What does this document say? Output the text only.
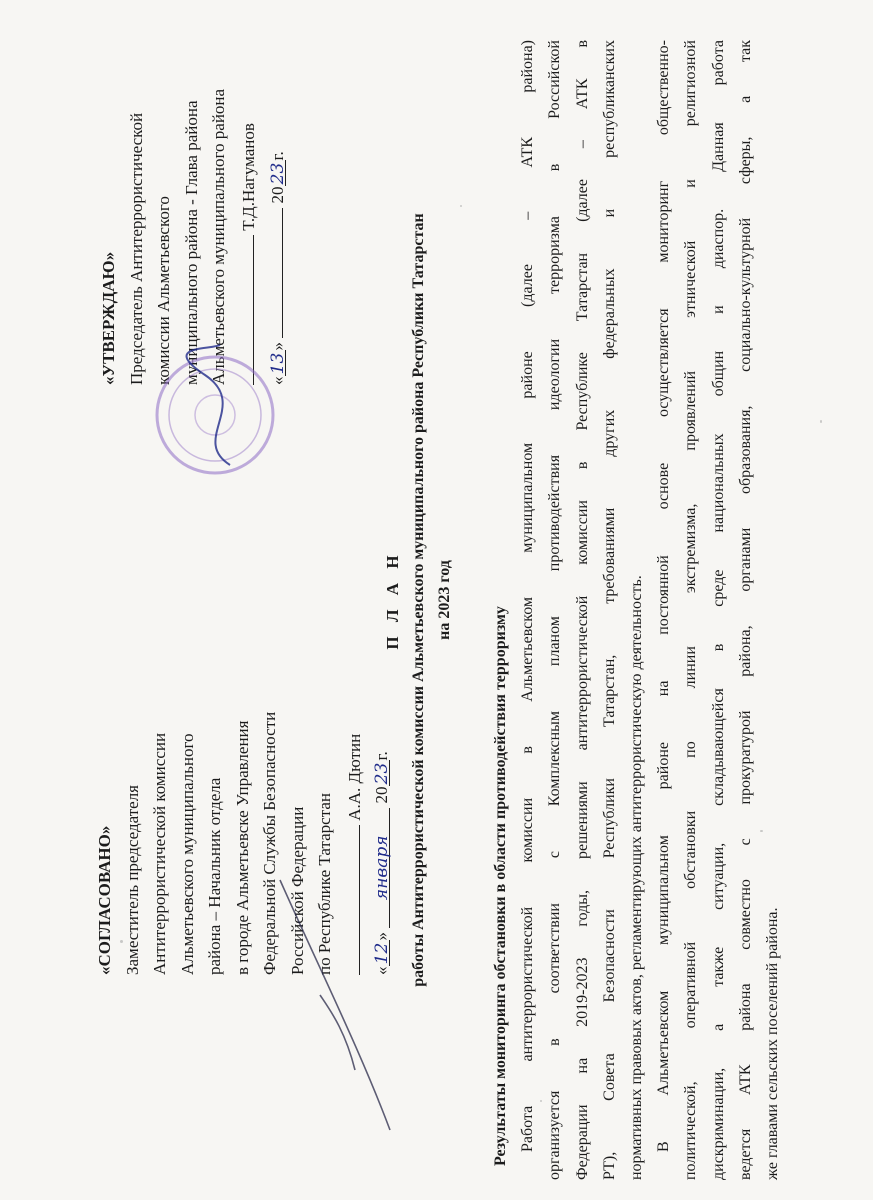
«СОГЛАСОВАНО» Заместитель председателя Антитеррористической комиссии Альметьевского муниципального района – Начальник отдела в городе Альметьевске Управления Федеральной Службы Безопасности Российской Федерации по Республике Татарстан
А.А. Дютин
«12» января 2023г.
«УТВЕРЖДАЮ» Председатель Антитеррористической комиссии Альметьевского муниципального района - Глава района Альметьевского муниципального района Т.Д.Нагуманов
«13»  2023г.
П Л А Н работы Антитеррористической комиссии Альметьевского муниципального района Республики Татарстан на 2023 год
Результаты мониторинга обстановки в области противодействия терроризму Работа антитеррористической комиссии в Альметьевском муниципальном районе (далее – АТК района) организуется в соответствии с Комплексным планом противодействия идеологии терроризма в Российской Федерации на 2019-2023 годы, решениями антитеррористической комиссии в Республике Татарстан (далее – АТК в РТ), Совета Безопасности Республики Татарстан, требованиями других федеральных и республиканских нормативных правовых актов, регламентирующих антитеррористическую деятельность. В Альметьевском муниципальном районе на постоянной основе осуществляется мониторинг общественно- политической, оперативной обстановки по линии экстремизма, проявлений этнической и религиозной дискриминации, а также ситуации, складывающейся в среде национальных общин и диаспор. Данная работа ведется АТК района совместно с прокуратурой района, органами образования, социально-культурной сферы, а так же главами сельских поселений района.
